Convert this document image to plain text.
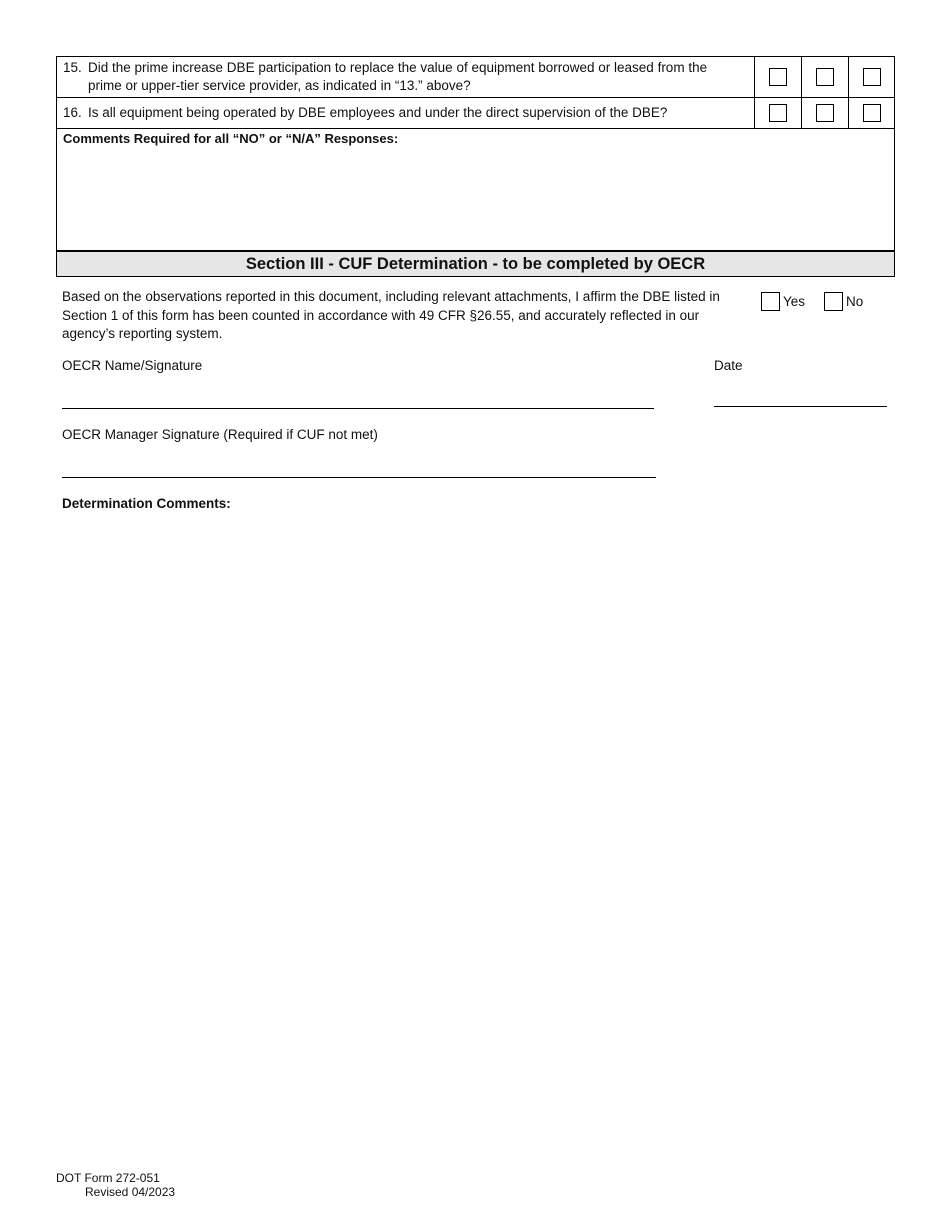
15. Did the prime increase DBE participation to replace the value of equipment borrowed or leased from the
prime or upper-tier service provider, as indicated in “13.” above?			

16. Is all equipment being operated by DBE employees and under the direct supervision of the DBE?			

Comments Required for all “NO” or “N/A” Responses:
Section III - CUF Determination - to be completed by OECR
Based on the observations reported in this document, including relevant attachments, I affirm the DBE listed in Section 1 of this form has been counted in accordance with 49 CFR §26.55, and accurately reflected in our agency’s reporting system.
Yes	No
OECR Name/Signature	Date
OECR Manager Signature (Required if CUF not met)
Determination Comments:
DOT Form 272-051
Revised 04/2023
